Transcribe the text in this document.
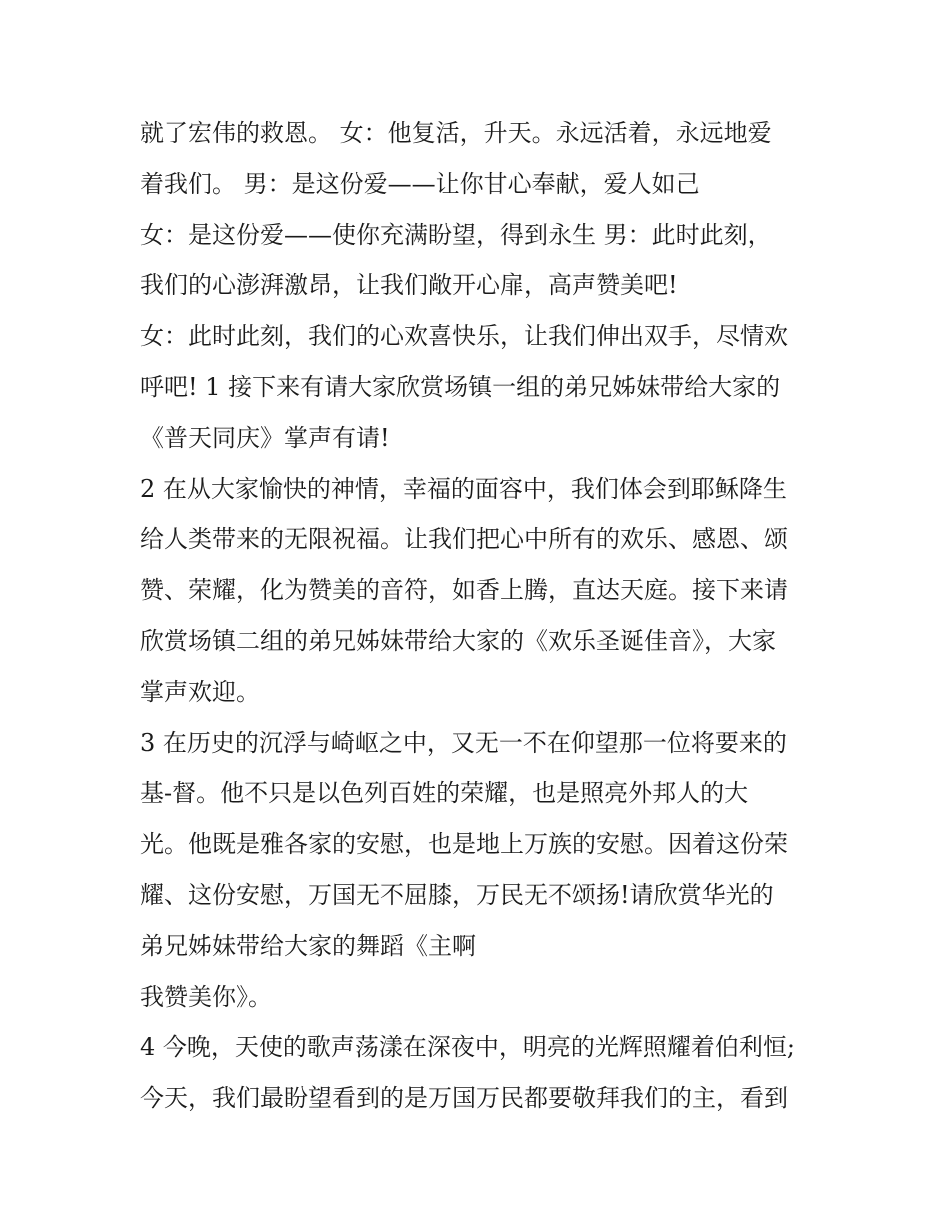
就了宏伟的救恩。 女：他复活，升天。永远活着，永远地爱
着我们。 男：是这份爱——让你甘心奉献，爱人如己
女：是这份爱——使你充满盼望，得到永生 男：此时此刻，
我们的心澎湃激昂，让我们敞开心扉，高声赞美吧!
女：此时此刻，我们的心欢喜快乐，让我们伸出双手，尽情欢
呼吧! 1 接下来有请大家欣赏场镇一组的弟兄姊妹带给大家的
《普天同庆》掌声有请!
2 在从大家愉快的神情，幸福的面容中，我们体会到耶稣降生
给人类带来的无限祝福。让我们把心中所有的欢乐、感恩、颂
赞、荣耀，化为赞美的音符，如香上腾，直达天庭。接下来请
欣赏场镇二组的弟兄姊妹带给大家的《欢乐圣诞佳音》，大家
掌声欢迎。
3 在历史的沉浮与崎岖之中，又无一不在仰望那一位将要来的
基-督。他不只是以色列百姓的荣耀，也是照亮外邦人的大
光。他既是雅各家的安慰，也是地上万族的安慰。因着这份荣
耀、这份安慰，万国无不屈膝，万民无不颂扬!请欣赏华光的
弟兄姊妹带给大家的舞蹈《主啊
我赞美你》。
4 今晚，天使的歌声荡漾在深夜中，明亮的光辉照耀着伯利恒;
今天，我们最盼望看到的是万国万民都要敬拜我们的主，看到
